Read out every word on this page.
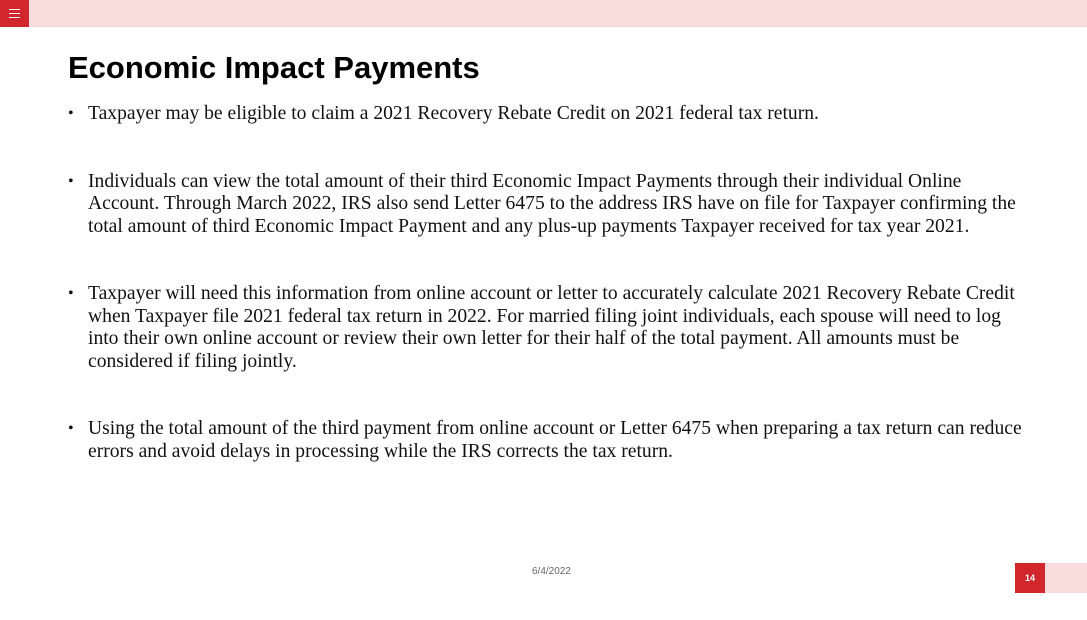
Economic Impact Payments
• Taxpayer may be eligible to claim a 2021 Recovery Rebate Credit on 2021 federal tax return.
• Individuals can view the total amount of their third Economic Impact Payments through their individual Online Account. Through March 2022, IRS also send Letter 6475 to the address IRS have on file for Taxpayer confirming the total amount of third Economic Impact Payment and any plus-up payments Taxpayer received for tax year 2021.
• Taxpayer will need this information from online account or letter to accurately calculate 2021 Recovery Rebate Credit when Taxpayer file 2021 federal tax return in 2022. For married filing joint individuals, each spouse will need to log into their own online account or review their own letter for their half of the total payment. All amounts must be considered if filing jointly.
• Using the total amount of the third payment from online account or Letter 6475 when preparing a tax return can reduce errors and avoid delays in processing while the IRS corrects the tax return.
6/4/2022
14
